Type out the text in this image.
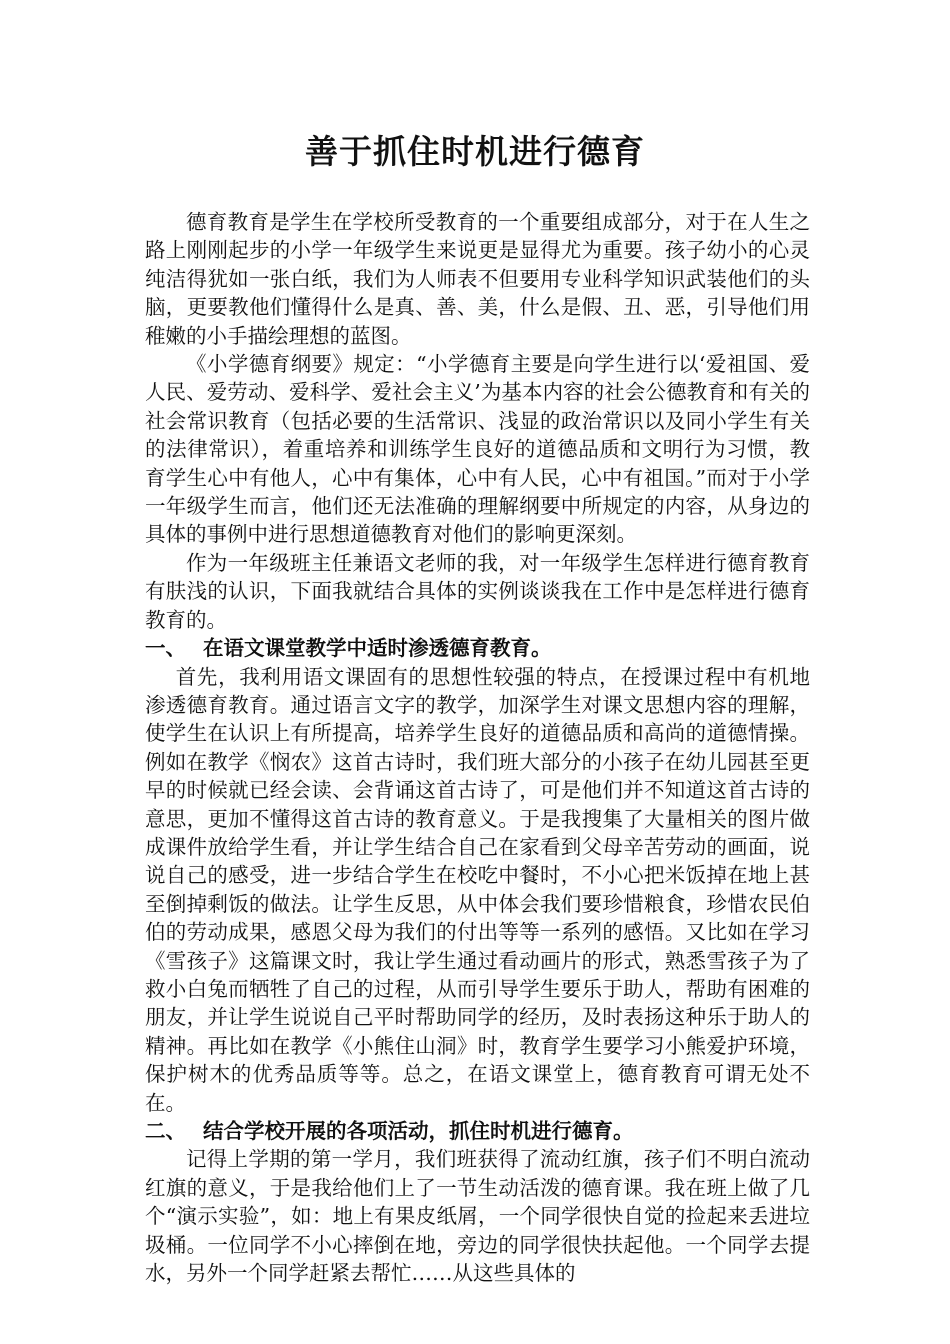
善于抓住时机进行德育

德育教育是学生在学校所受教育的一个重要组成部分，对于在人生之路上刚刚起步的小学一年级学生来说更是显得尤为重要。孩子幼小的心灵纯洁得犹如一张白纸，我们为人师表不但要用专业科学知识武装他们的头脑，更要教他们懂得什么是真、善、美，什么是假、丑、恶，引导他们用稚嫩的小手描绘理想的蓝图。

《小学德育纲要》规定：“小学德育主要是向学生进行以‘爱祖国、爱人民、爱劳动、爱科学、爱社会主义’为基本内容的社会公德教育和有关的社会常识教育（包括必要的生活常识、浅显的政治常识以及同小学生有关的法律常识），着重培养和训练学生良好的道德品质和文明行为习惯，教育学生心中有他人，心中有集体，心中有人民，心中有祖国。”而对于小学一年级学生而言，他们还无法准确的理解纲要中所规定的内容，从身边的具体的事例中进行思想道德教育对他们的影响更深刻。

作为一年级班主任兼语文老师的我，对一年级学生怎样进行德育教育有肤浅的认识，下面我就结合具体的实例谈谈我在工作中是怎样进行德育教育的。

一、 在语文课堂教学中适时渗透德育教育。

首先，我利用语文课固有的思想性较强的特点，在授课过程中有机地渗透德育教育。通过语言文字的教学，加深学生对课文思想内容的理解，使学生在认识上有所提高，培养学生良好的道德品质和高尚的道德情操。例如在教学《悯农》这首古诗时，我们班大部分的小孩子在幼儿园甚至更早的时候就已经会读、会背诵这首古诗了，可是他们并不知道这首古诗的意思，更加不懂得这首古诗的教育意义。于是我搜集了大量相关的图片做成课件放给学生看，并让学生结合自己在家看到父母辛苦劳动的画面，说说自己的感受，进一步结合学生在校吃中餐时，不小心把米饭掉在地上甚至倒掉剩饭的做法。让学生反思，从中体会我们要珍惜粮食，珍惜农民伯伯的劳动成果，感恩父母为我们的付出等等一系列的感悟。又比如在学习《雪孩子》这篇课文时，我让学生通过看动画片的形式，熟悉雪孩子为了救小白兔而牺牲了自己的过程，从而引导学生要乐于助人，帮助有困难的朋友，并让学生说说自己平时帮助同学的经历，及时表扬这种乐于助人的精神。再比如在教学《小熊住山洞》时，教育学生要学习小熊爱护环境，保护树木的优秀品质等等。总之，在语文课堂上，德育教育可谓无处不在。

二、 结合学校开展的各项活动，抓住时机进行德育。

记得上学期的第一学月，我们班获得了流动红旗，孩子们不明白流动红旗的意义，于是我给他们上了一节生动活泼的德育课。我在班上做了几个“演示实验”，如：地上有果皮纸屑，一个同学很快自觉的捡起来丢进垃圾桶。一位同学不小心摔倒在地，旁边的同学很快扶起他。一个同学去提水，另外一个同学赶紧去帮忙……从这些具体的
